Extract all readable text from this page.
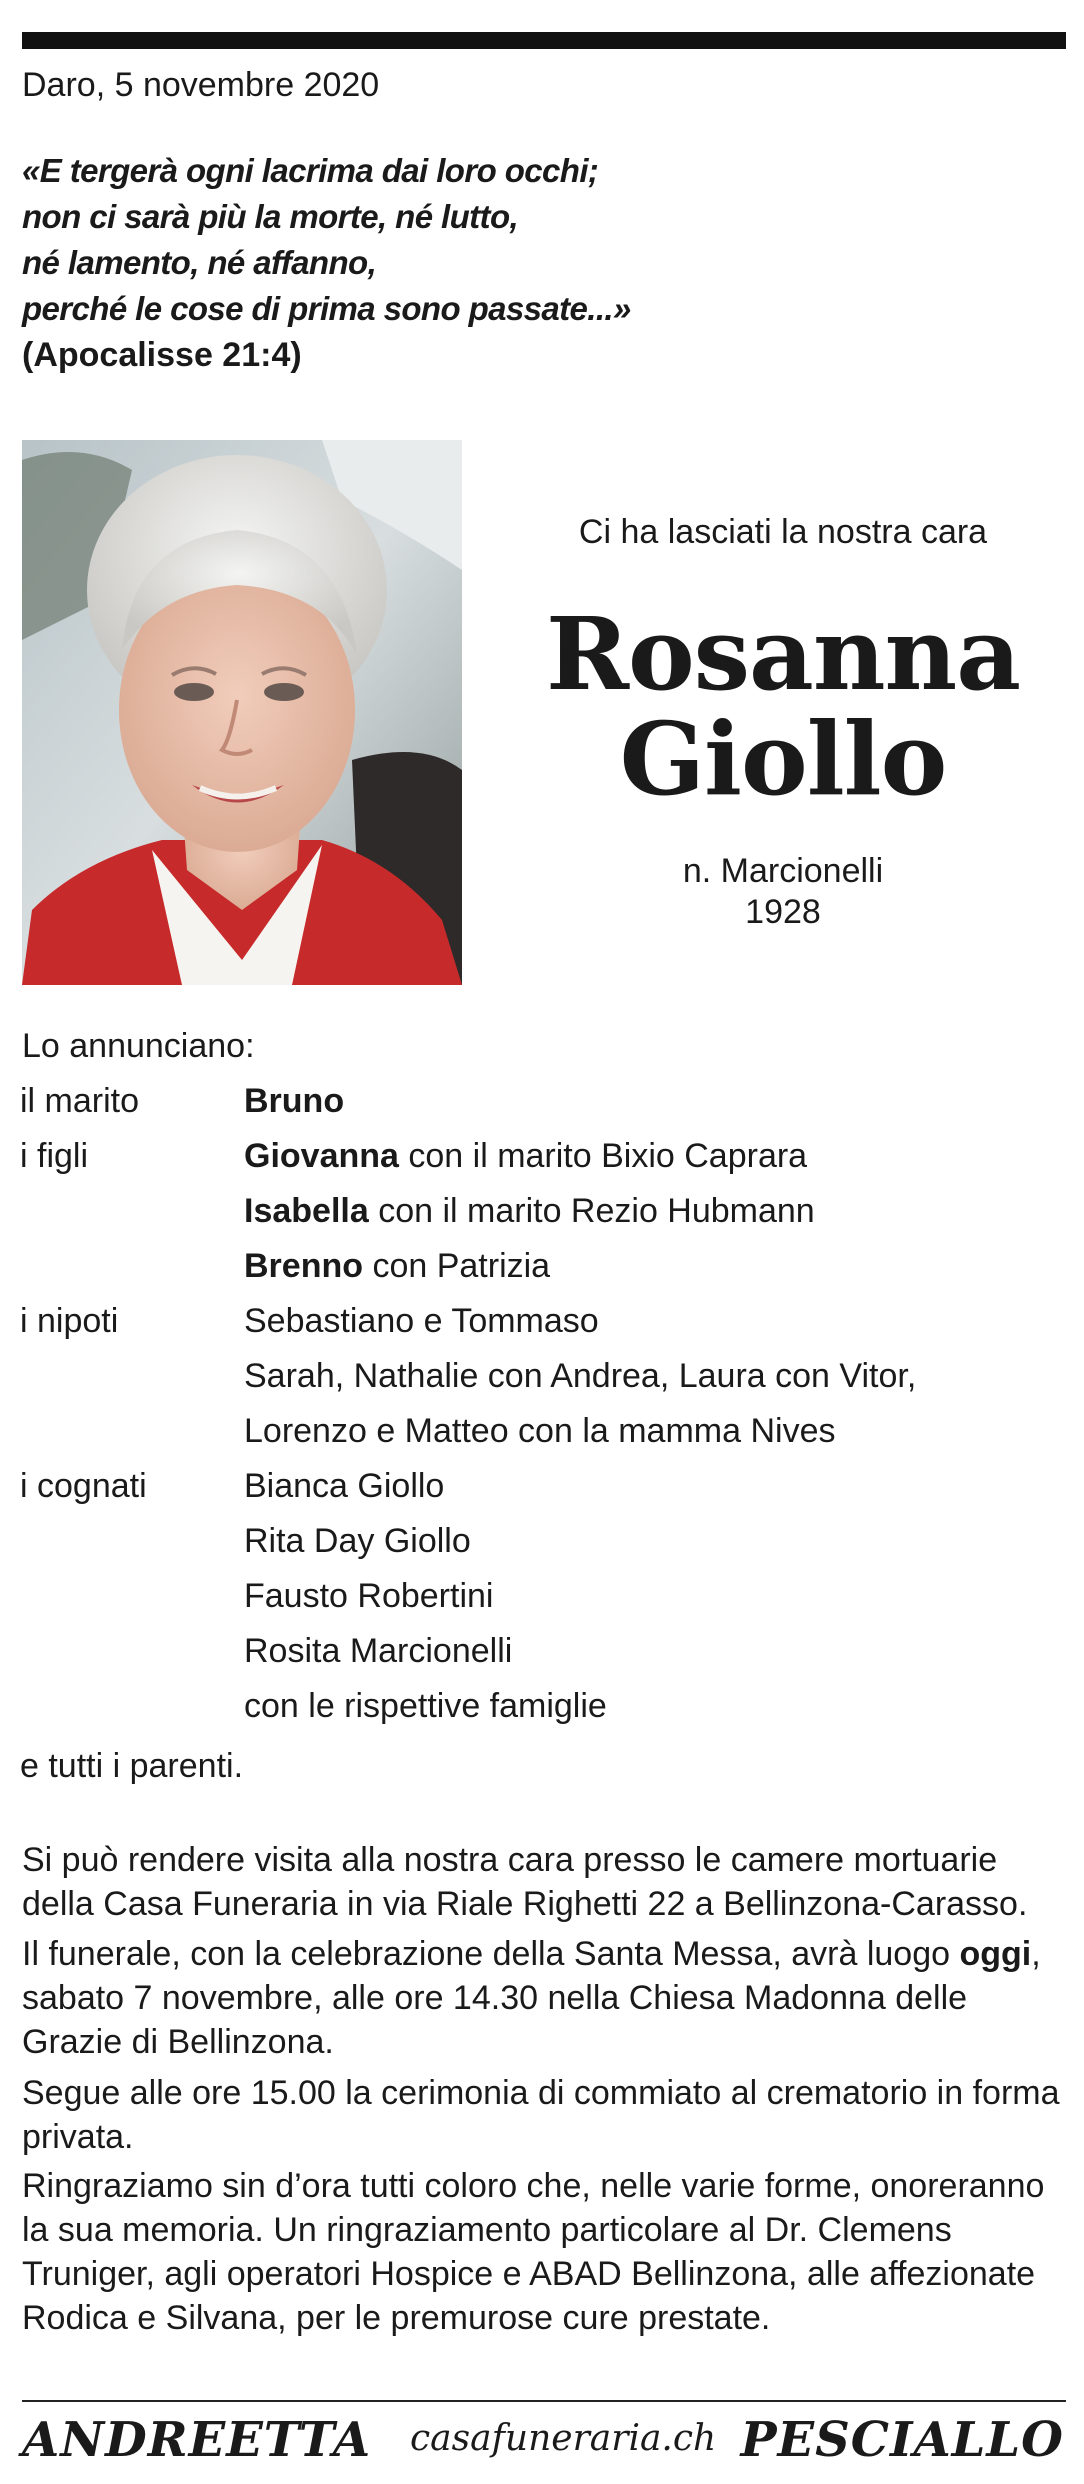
Daro, 5 novembre 2020
«E tergerà ogni lacrima dai loro occhi;
non ci sarà più la morte, né lutto,
né lamento, né affanno,
perché le cose di prima sono passate...»
(Apocalisse 21:4)
Ci ha lasciati la nostra cara
Rosanna
Giollo
n. Marcionelli
1928
Lo annunciano:
il marito	Bruno
i figli	Giovanna con il marito Bixio Caprara
Isabella con il marito Rezio Hubmann
Brenno con Patrizia
i nipoti	Sebastiano e Tommaso
Sarah, Nathalie con Andrea, Laura con Vitor,
Lorenzo e Matteo con la mamma Nives
i cognati	Bianca Giollo
Rita Day Giollo
Fausto Robertini
Rosita Marcionelli
con le rispettive famiglie
e tutti i parenti.
Si può rendere visita alla nostra cara presso le camere mortuarie della Casa Funeraria in via Riale Righetti 22 a Bellinzona-Carasso.
Il funerale, con la celebrazione della Santa Messa, avrà luogo oggi, sabato 7 novembre, alle ore 14.30 nella Chiesa Madonna delle Grazie di Bellinzona.
Segue alle ore 15.00 la cerimonia di commiato al crematorio in forma privata.
Ringraziamo sin d’ora tutti coloro che, nelle varie forme, onoreranno la sua memoria. Un ringraziamento particolare al Dr. Clemens Truniger, agli operatori Hospice e ABAD Bellinzona, alle affezionate Rodica e Silvana, per le premurose cure prestate.
ANDREETTA casafuneraria.ch PESCIALLO
